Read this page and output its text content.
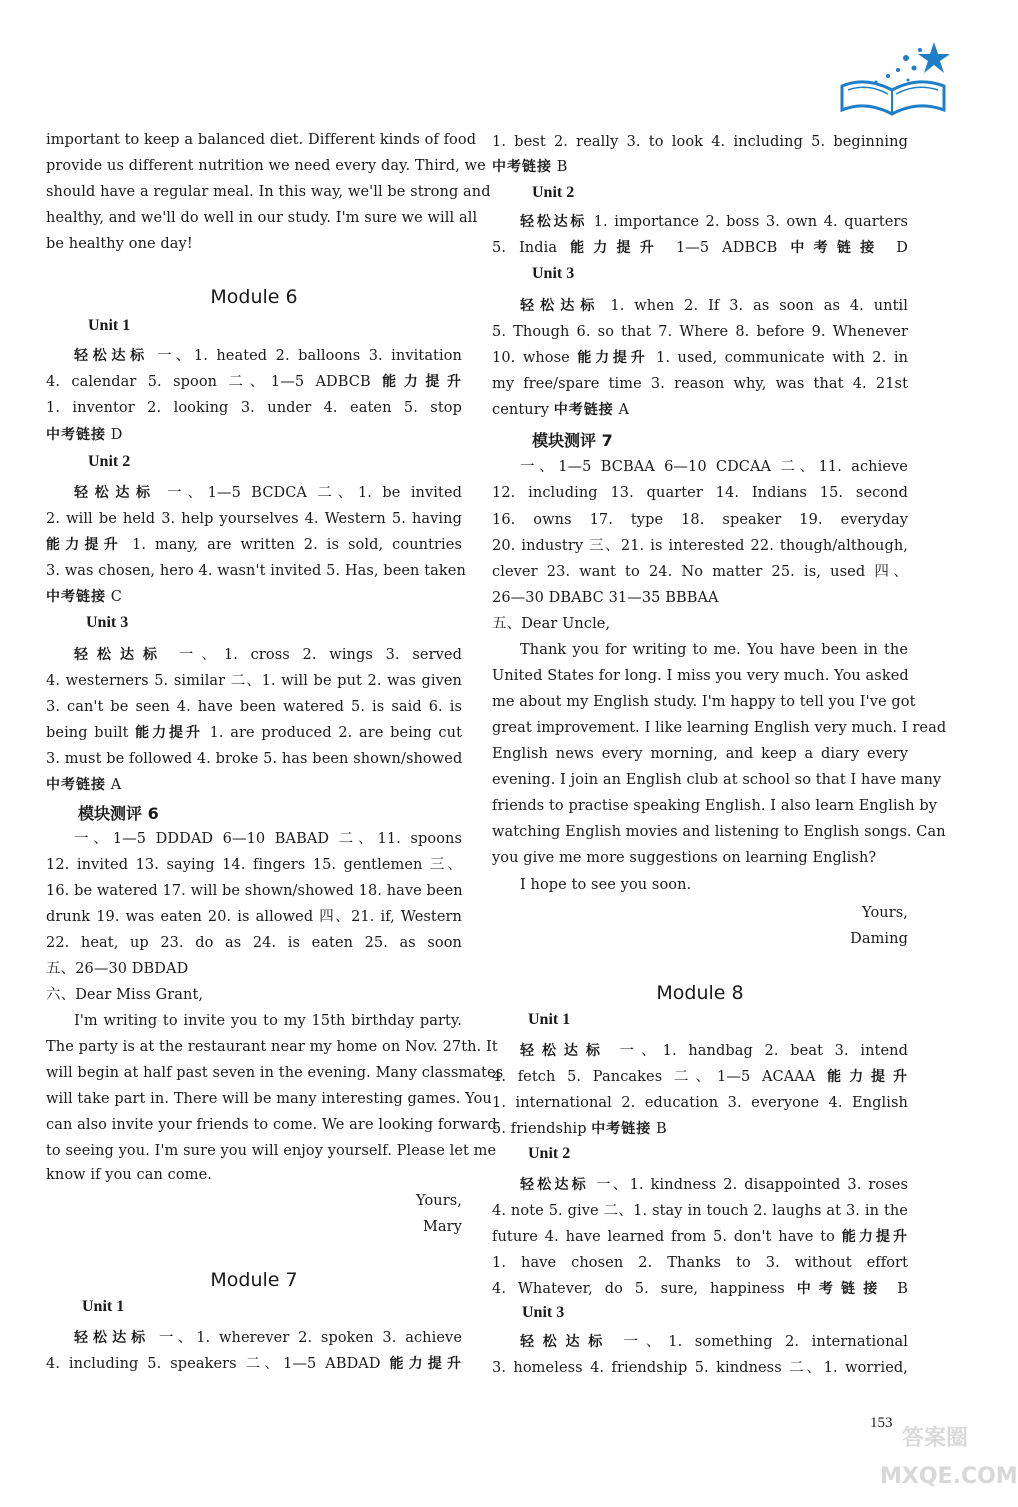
important to keep a balanced diet. Different kinds of food
provide us different nutrition we need every day. Third, we
should have a regular meal. In this way, we'll be strong and
healthy, and we'll do well in our study. I'm sure we will all
be healthy one day!
Module 6
Unit 1
轻松达标 一、1. heated 2. balloons 3. invitation
4. calendar 5. spoon 二、1—5 ADBCB 能力提升
1. inventor 2. looking 3. under 4. eaten 5. stop
中考链接 D
Unit 2
轻松达标 一、1—5 BCDCA 二、1. be invited
2. will be held 3. help yourselves 4. Western 5. having
能力提升 1. many, are written 2. is sold, countries
3. was chosen, hero 4. wasn't invited 5. Has, been taken
中考链接 C
Unit 3
轻松达标 一、1. cross 2. wings 3. served
4. westerners 5. similar 二、1. will be put 2. was given
3. can't be seen 4. have been watered 5. is said 6. is
being built 能力提升 1. are produced 2. are being cut
3. must be followed 4. broke 5. has been shown/showed
中考链接 A
模块测评 6
一、1—5 DDDAD 6—10 BABAD 二、11. spoons
12. invited 13. saying 14. fingers 15. gentlemen 三、
16. be watered 17. will be shown/showed 18. have been
drunk 19. was eaten 20. is allowed 四、21. if, Western
22. heat, up 23. do as 24. is eaten 25. as soon
五、26—30 DBDAD
六、Dear Miss Grant,
I'm writing to invite you to my 15th birthday party.
The party is at the restaurant near my home on Nov. 27th. It
will begin at half past seven in the evening. Many classmates
will take part in. There will be many interesting games. You
can also invite your friends to come. We are looking forward
to seeing you. I'm sure you will enjoy yourself. Please let me
know if you can come.
Yours,
Mary
Module 7
Unit 1
轻松达标 一、1. wherever 2. spoken 3. achieve
4. including 5. speakers 二、1—5 ABDAD 能力提升
1. best 2. really 3. to look 4. including 5. beginning
中考链接 B
Unit 2
轻松达标 1. importance 2. boss 3. own 4. quarters
5. India 能力提升 1—5 ADBCB 中考链接 D
Unit 3
轻松达标 1. when 2. If 3. as soon as 4. until
5. Though 6. so that 7. Where 8. before 9. Whenever
10. whose 能力提升 1. used, communicate with 2. in
my free/spare time 3. reason why, was that 4. 21st
century 中考链接 A
模块测评 7
一、1—5 BCBAA 6—10 CDCAA 二、11. achieve
12. including 13. quarter 14. Indians 15. second
16. owns 17. type 18. speaker 19. everyday
20. industry 三、21. is interested 22. though/although,
clever 23. want to 24. No matter 25. is, used 四、
26—30 DBABC 31—35 BBBAA
五、Dear Uncle,
Thank you for writing to me. You have been in the
United States for long. I miss you very much. You asked
me about my English study. I'm happy to tell you I've got
great improvement. I like learning English very much. I read
English news every morning, and keep a diary every
evening. I join an English club at school so that I have many
friends to practise speaking English. I also learn English by
watching English movies and listening to English songs. Can
you give me more suggestions on learning English?
I hope to see you soon.
Yours,
Daming
Module 8
Unit 1
轻松达标 一、1. handbag 2. beat 3. intend
4. fetch 5. Pancakes 二、1—5 ACAAA 能力提升
1. international 2. education 3. everyone 4. English
5. friendship 中考链接 B
Unit 2
轻松达标 一、1. kindness 2. disappointed 3. roses
4. note 5. give 二、1. stay in touch 2. laughs at 3. in the
future 4. have learned from 5. don't have to 能力提升
1. have chosen 2. Thanks to 3. without effort
4. Whatever, do 5. sure, happiness 中考链接 B
Unit 3
轻松达标 一、1. something 2. international
3. homeless 4. friendship 5. kindness 二、1. worried,
153
答案圈 MXQE.COM
